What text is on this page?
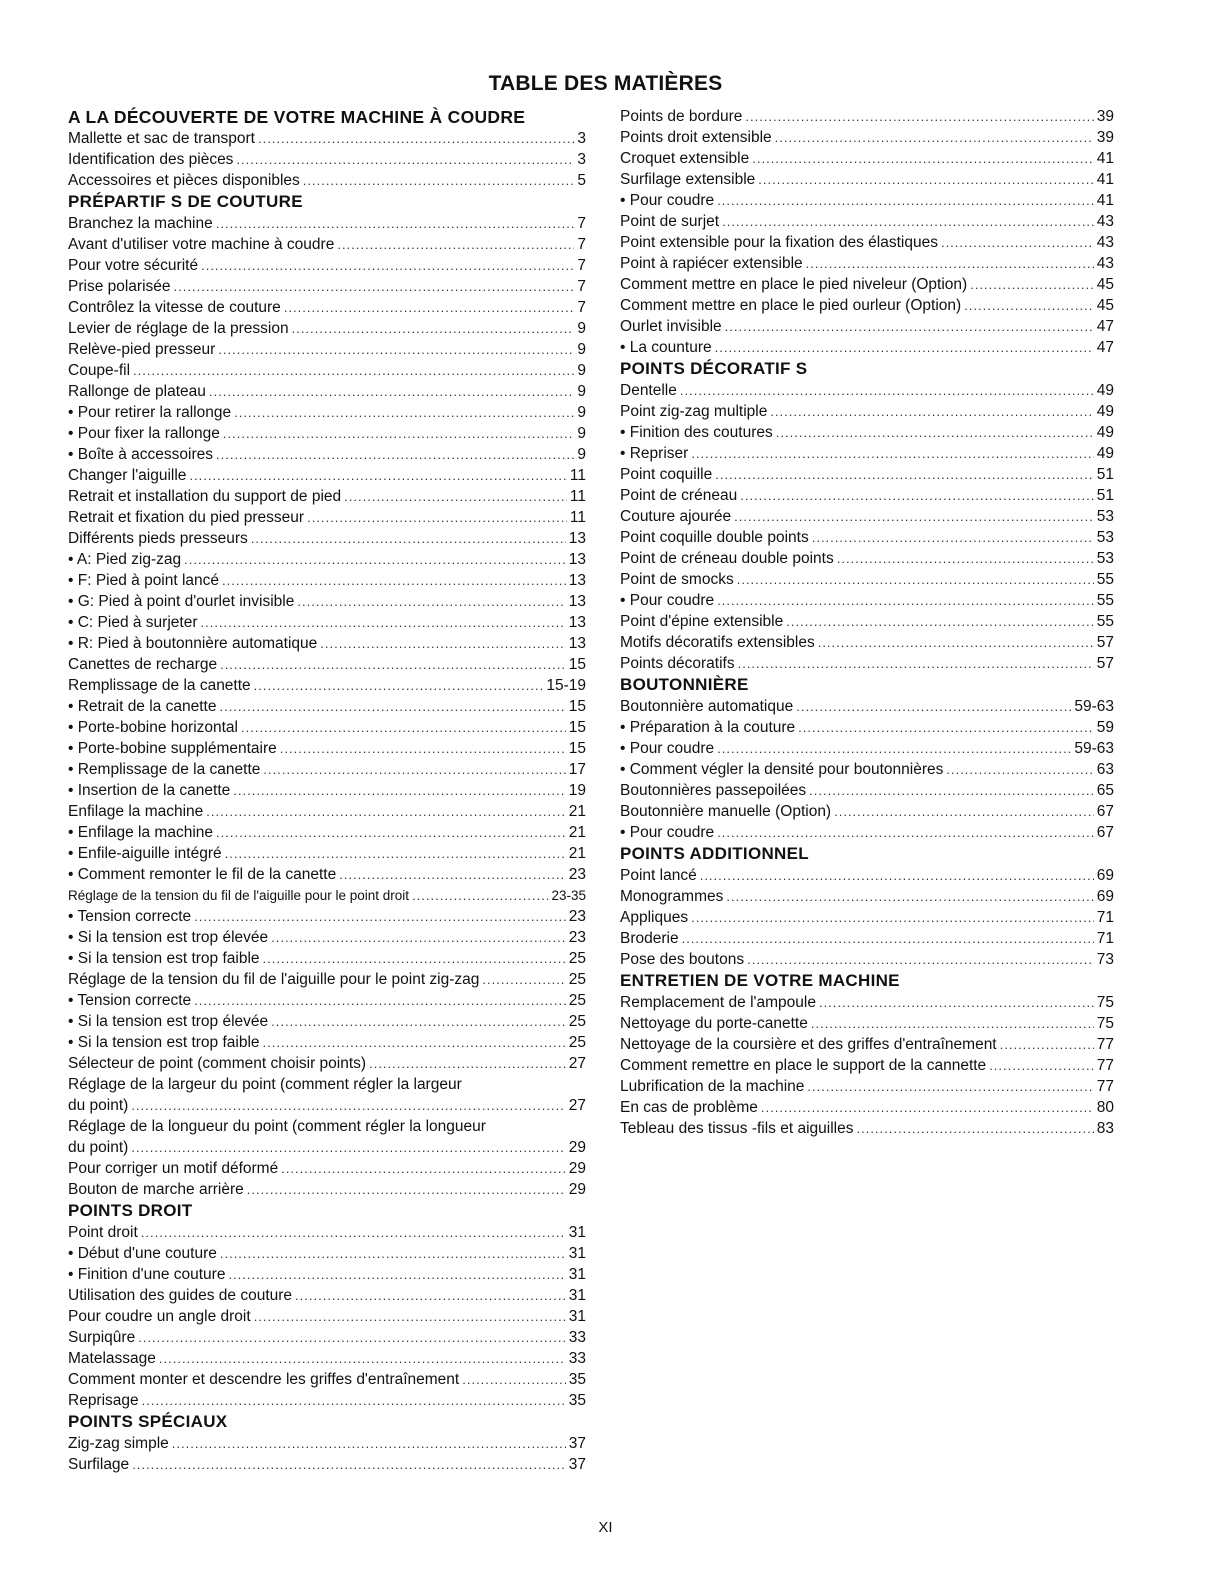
TABLE DES MATIÈRES
A LA DÉCOUVERTE DE VOTRE MACHINE À COUDRE
Mallette et sac de transport .....	3
Identification des pièces .....	3
Accessoires et pièces disponibles .....	5
PRÉPARTIF S DE COUTURE
Branchez la machine .....	7
Avant d'utiliser votre machine à coudre .....	7
Pour votre sécurité .....	7
Prise polarisée .....	7
Contrôlez la vitesse de couture .....	7
Levier de réglage de la pression .....	9
Relève-pied presseur .....	9
Coupe-fil .....	9
Rallonge de plateau .....	9
• Pour retirer la rallonge .....	9
• Pour fixer la rallonge .....	9
• Boîte à accessoires .....	9
Changer l'aiguille .....	11
Retrait et installation du support de pied .....	11
Retrait et fixation du pied presseur .....	11
Différents pieds presseurs .....	13
• A: Pied zig-zag .....	13
• F: Pied à point lancé .....	13
• G: Pied à point d'ourlet invisible .....	13
• C: Pied à surjeter .....	13
• R: Pied à boutonnière automatique .....	13
Canettes de recharge .....	15
Remplissage de la canette .....	15-19
• Retrait de la canette .....	15
• Porte-bobine horizontal .....	15
• Porte-bobine supplémentaire .....	15
• Remplissage de la canette .....	17
• Insertion de la canette .....	19
Enfilage la machine .....	21
• Enfilage la machine .....	21
• Enfile-aiguille intégré .....	21
• Comment remonter le fil de la canette .....	23
Réglage de la tension du fil de l'aiguille pour le point droit .....	23-35
• Tension correcte .....	23
• Si la tension est trop élevée .....	23
• Si la tension est trop faible .....	25
Réglage de la tension du fil de l'aiguille pour le point zig-zag .....	25
• Tension correcte .....	25
• Si la tension est trop élevée .....	25
• Si la tension est trop faible .....	25
Sélecteur de point (comment choisir points) .....	27
Réglage de la largeur du point (comment régler la largeur
du point) .....	27
Réglage de la longueur du point (comment régler la longueur
du point) .....	29
Pour corriger un motif déformé .....	29
Bouton de marche arrière .....	29
POINTS DROIT
Point droit .....	31
• Début d'une couture .....	31
• Finition d'une couture .....	31
Utilisation des guides de couture .....	31
Pour coudre un angle droit .....	31
Surpiqûre .....	33
Matelassage .....	33
Comment monter et descendre les griffes d'entraînement .....	35
Reprisage .....	35
POINTS SPÉCIAUX
Zig-zag simple .....	37
Surfilage .....	37
Points de bordure .....	39
Points droit extensible .....	39
Croquet extensible .....	41
Surfilage extensible .....	41
• Pour coudre .....	41
Point de surjet .....	43
Point extensible pour la fixation des élastiques .....	43
Point à rapiécer extensible .....	43
Comment mettre en place le pied niveleur (Option) .....	45
Comment mettre en place le pied ourleur (Option) .....	45
Ourlet invisible .....	47
• La counture .....	47
POINTS DÉCORATIF S
Dentelle .....	49
Point zig-zag multiple .....	49
• Finition des coutures .....	49
• Repriser .....	49
Point coquille .....	51
Point de créneau .....	51
Couture ajourée .....	53
Point coquille double points .....	53
Point de créneau double points .....	53
Point de smocks .....	55
• Pour coudre .....	55
Point d'épine extensible .....	55
Motifs décoratifs extensibles .....	57
Points décoratifs .....	57
BOUTONNIÈRE
Boutonnière automatique .....	59-63
• Préparation à la couture .....	59
• Pour coudre .....	59-63
• Comment végler la densité pour boutonnières .....	63
Boutonnières passepoilées .....	65
Boutonnière manuelle (Option) .....	67
• Pour coudre .....	67
POINTS ADDITIONNEL
Point lancé .....	69
Monogrammes .....	69
Appliques .....	71
Broderie .....	71
Pose des boutons .....	73
ENTRETIEN DE VOTRE MACHINE
Remplacement de l'ampoule .....	75
Nettoyage du porte-canette .....	75
Nettoyage de la coursière et des griffes d'entraînement .....	77
Comment remettre en place le support de la cannette .....	77
Lubrification de la machine .....	77
En cas de problème .....	80
Tebleau des tissus -fils et aiguilles .....	83
XI
